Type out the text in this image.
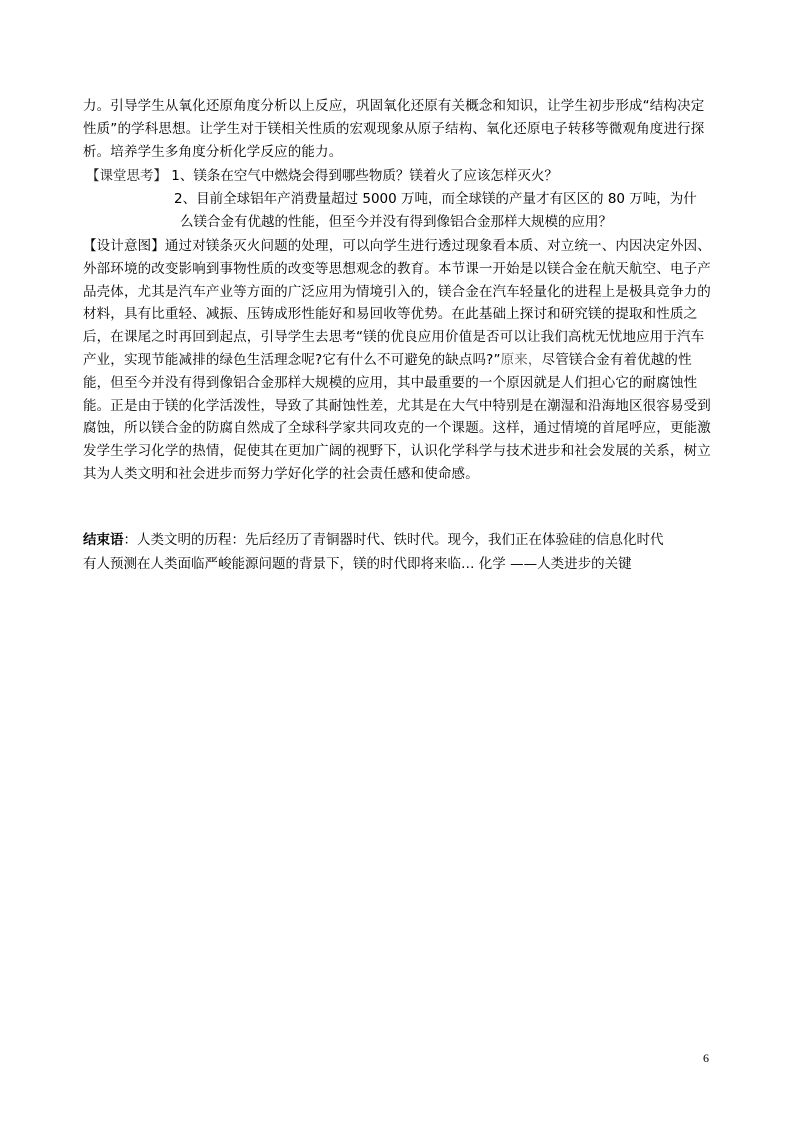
力。引导学生从氧化还原角度分析以上反应，巩固氧化还原有关概念和知识，让学生初步形成“结构决定性质”的学科思想。让学生对于镁相关性质的宏观现象从原子结构、氧化还原电子转移等微观角度进行探析。培养学生多角度分析化学反应的能力。

【课堂思考】 1、镁条在空气中燃烧会得到哪些物质？镁着火了应该怎样灭火？
2、目前全球铝年产消费量超过 5000 万吨，而全球镁的产量才有区区的 80 万吨，为什
么镁合金有优越的性能，但至今并没有得到像铝合金那样大规模的应用？

【设计意图】通过对镁条灭火问题的处理，可以向学生进行透过现象看本质、对立统一、内因决定外因、外部环境的改变影响到事物性质的改变等思想观念的教育。本节课一开始是以镁合金在航天航空、电子产品壳体，尤其是汽车产业等方面的广泛应用为情境引入的，镁合金在汽车轻量化的进程上是极具竞争力的材料，具有比重轻、减振、压铸成形性能好和易回收等优势。在此基础上探讨和研究镁的提取和性质之后，在课尾之时再回到起点，引导学生去思考“镁的优良应用价值是否可以让我们高枕无忧地应用于汽车产业，实现节能减排的绿色生活理念呢?它有什么不可避免的缺点吗?”原来，尽管镁合金有着优越的性能，但至今并没有得到像铝合金那样大规模的应用，其中最重要的一个原因就是人们担心它的耐腐蚀性能。正是由于镁的化学活泼性，导致了其耐蚀性差，尤其是在大气中特别是在潮湿和沿海地区很容易受到腐蚀，所以镁合金的防腐自然成了全球科学家共同攻克的一个课题。这样，通过情境的首尾呼应，更能激发学生学习化学的热情，促使其在更加广阔的视野下，认识化学科学与技术进步和社会发展的关系，树立其为人类文明和社会进步而努力学好化学的社会责任感和使命感。

结束语：人类文明的历程：先后经历了青铜器时代、铁时代。现今，我们正在体验硅的信息化时代
有人预测在人类面临严峻能源问题的背景下，镁的时代即将来临… 化学 ——人类进步的关键
6
